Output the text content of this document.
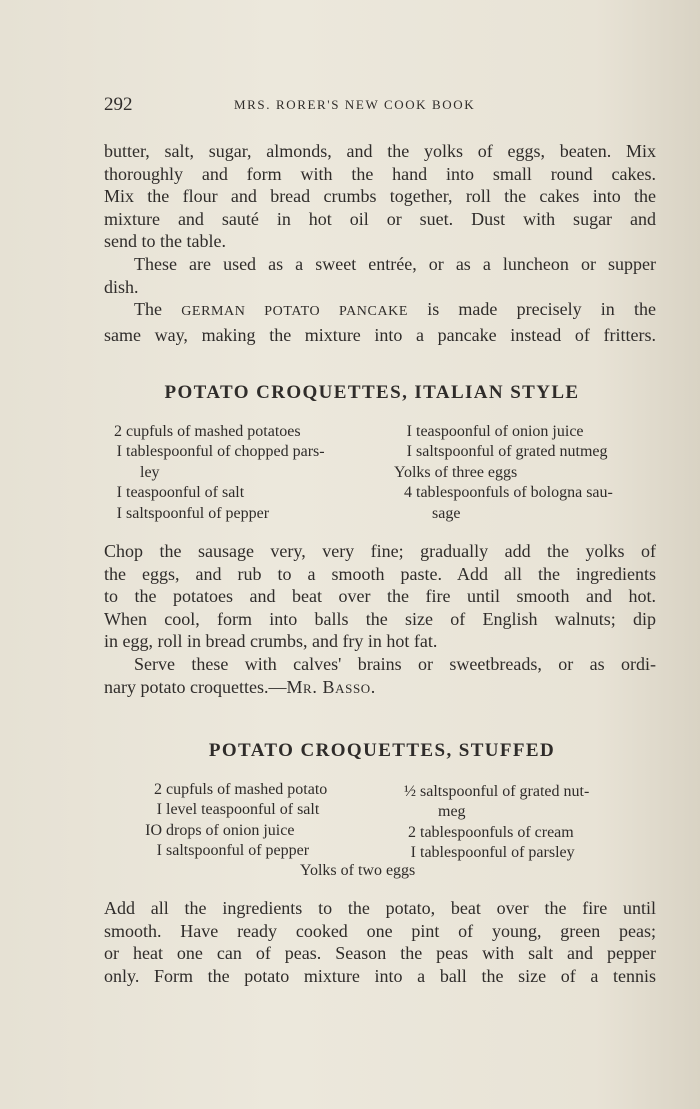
292	MRS. RORER'S NEW COOK BOOK
butter, salt, sugar, almonds, and the yolks of eggs, beaten. Mix
thoroughly and form with the hand into small round cakes.
Mix the flour and bread crumbs together, roll the cakes into the
mixture and sauté in hot oil or suet. Dust with sugar and
send to the table.
These are used as a sweet entrée, or as a luncheon or supper
dish.
The GERMAN POTATO PANCAKE is made precisely in the
same way, making the mixture into a pancake instead of fritters.
POTATO CROQUETTES, ITALIAN STYLE
2 cupfuls of mashed potatoes
I tablespoonful of chopped pars-
ley
I teaspoonful of salt
I saltspoonful of pepper
I teaspoonful of onion juice
I saltspoonful of grated nutmeg
Yolks of three eggs
4 tablespoonfuls of bologna sau-
sage
Chop the sausage very, very fine; gradually add the yolks of
the eggs, and rub to a smooth paste. Add all the ingredients
to the potatoes and beat over the fire until smooth and hot.
When cool, form into balls the size of English walnuts; dip
in egg, roll in bread crumbs, and fry in hot fat.
Serve these with calves' brains or sweetbreads, or as ordi-
nary potato croquettes.—Mr. Basso.
POTATO CROQUETTES, STUFFED
2 cupfuls of mashed potato
I level teaspoonful of salt
IO drops of onion juice
I saltspoonful of pepper
½ saltspoonful of grated nut-
meg
2 tablespoonfuls of cream
I tablespoonful of parsley
Yolks of two eggs
Add all the ingredients to the potato, beat over the fire until
smooth. Have ready cooked one pint of young, green peas;
or heat one can of peas. Season the peas with salt and pepper
only. Form the potato mixture into a ball the size of a tennis
